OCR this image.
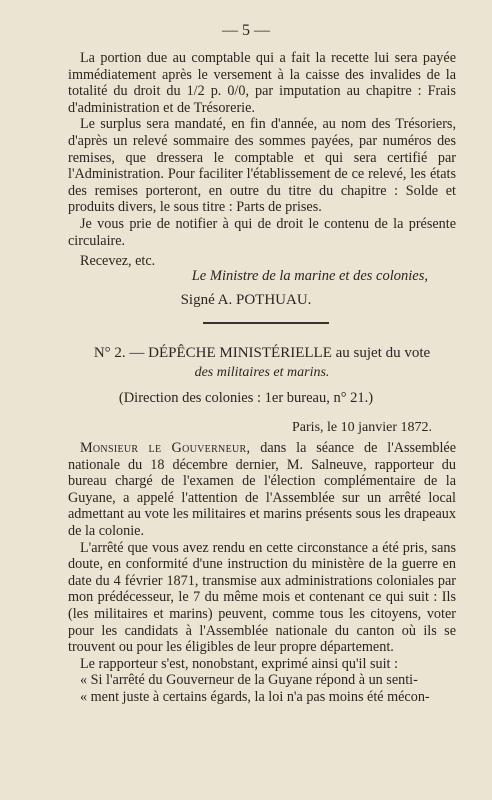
— 5 —

La portion due au comptable qui a fait la recette lui sera payée immédiatement après le versement à la caisse des invalides de la totalité du droit du 1/2 p. 0/0, par imputation au chapitre : Frais d'administration et de Trésorerie.

Le surplus sera mandaté, en fin d'année, au nom des Trésoriers, d'après un relevé sommaire des sommes payées, par numéros des remises, que dressera le comptable et qui sera certifié par l'Administration. Pour faciliter l'établissement de ce relevé, les états des remises porteront, en outre du titre du chapitre : Solde et produits divers, le sous titre : Parts de prises.

Je vous prie de notifier à qui de droit le contenu de la présente circulaire.

Recevez, etc.

Le Ministre de la marine et des colonies,
Signé A. POTHUAU.
N° 2. — DÉPÊCHE MINISTÉRIELLE au sujet du vote
des militaires et marins.
(Direction des colonies : 1er bureau, n° 21.)
Paris, le 10 janvier 1872.

Monsieur le Gouverneur, dans la séance de l'Assemblée nationale du 18 décembre dernier, M. Salneuve, rapporteur du bureau chargé de l'examen de l'élection complémentaire de la Guyane, a appelé l'attention de l'Assemblée sur un arrêté local admettant au vote les militaires et marins présents sous les drapeaux de la colonie.

L'arrêté que vous avez rendu en cette circonstance a été pris, sans doute, en conformité d'une instruction du ministère de la guerre en date du 4 février 1871, transmise aux administrations coloniales par mon prédécesseur, le 7 du même mois et contenant ce qui suit : Ils (les militaires et marins) peuvent, comme tous les citoyens, voter pour les candidats à l'Assemblée nationale du canton où ils se trouvent ou pour les éligibles de leur propre département.

Le rapporteur s'est, nonobstant, exprimé ainsi qu'il suit :

« Si l'arrêté du Gouverneur de la Guyane répond à un senti-

« ment juste à certains égards, la loi n'a pas moins été mécon-
